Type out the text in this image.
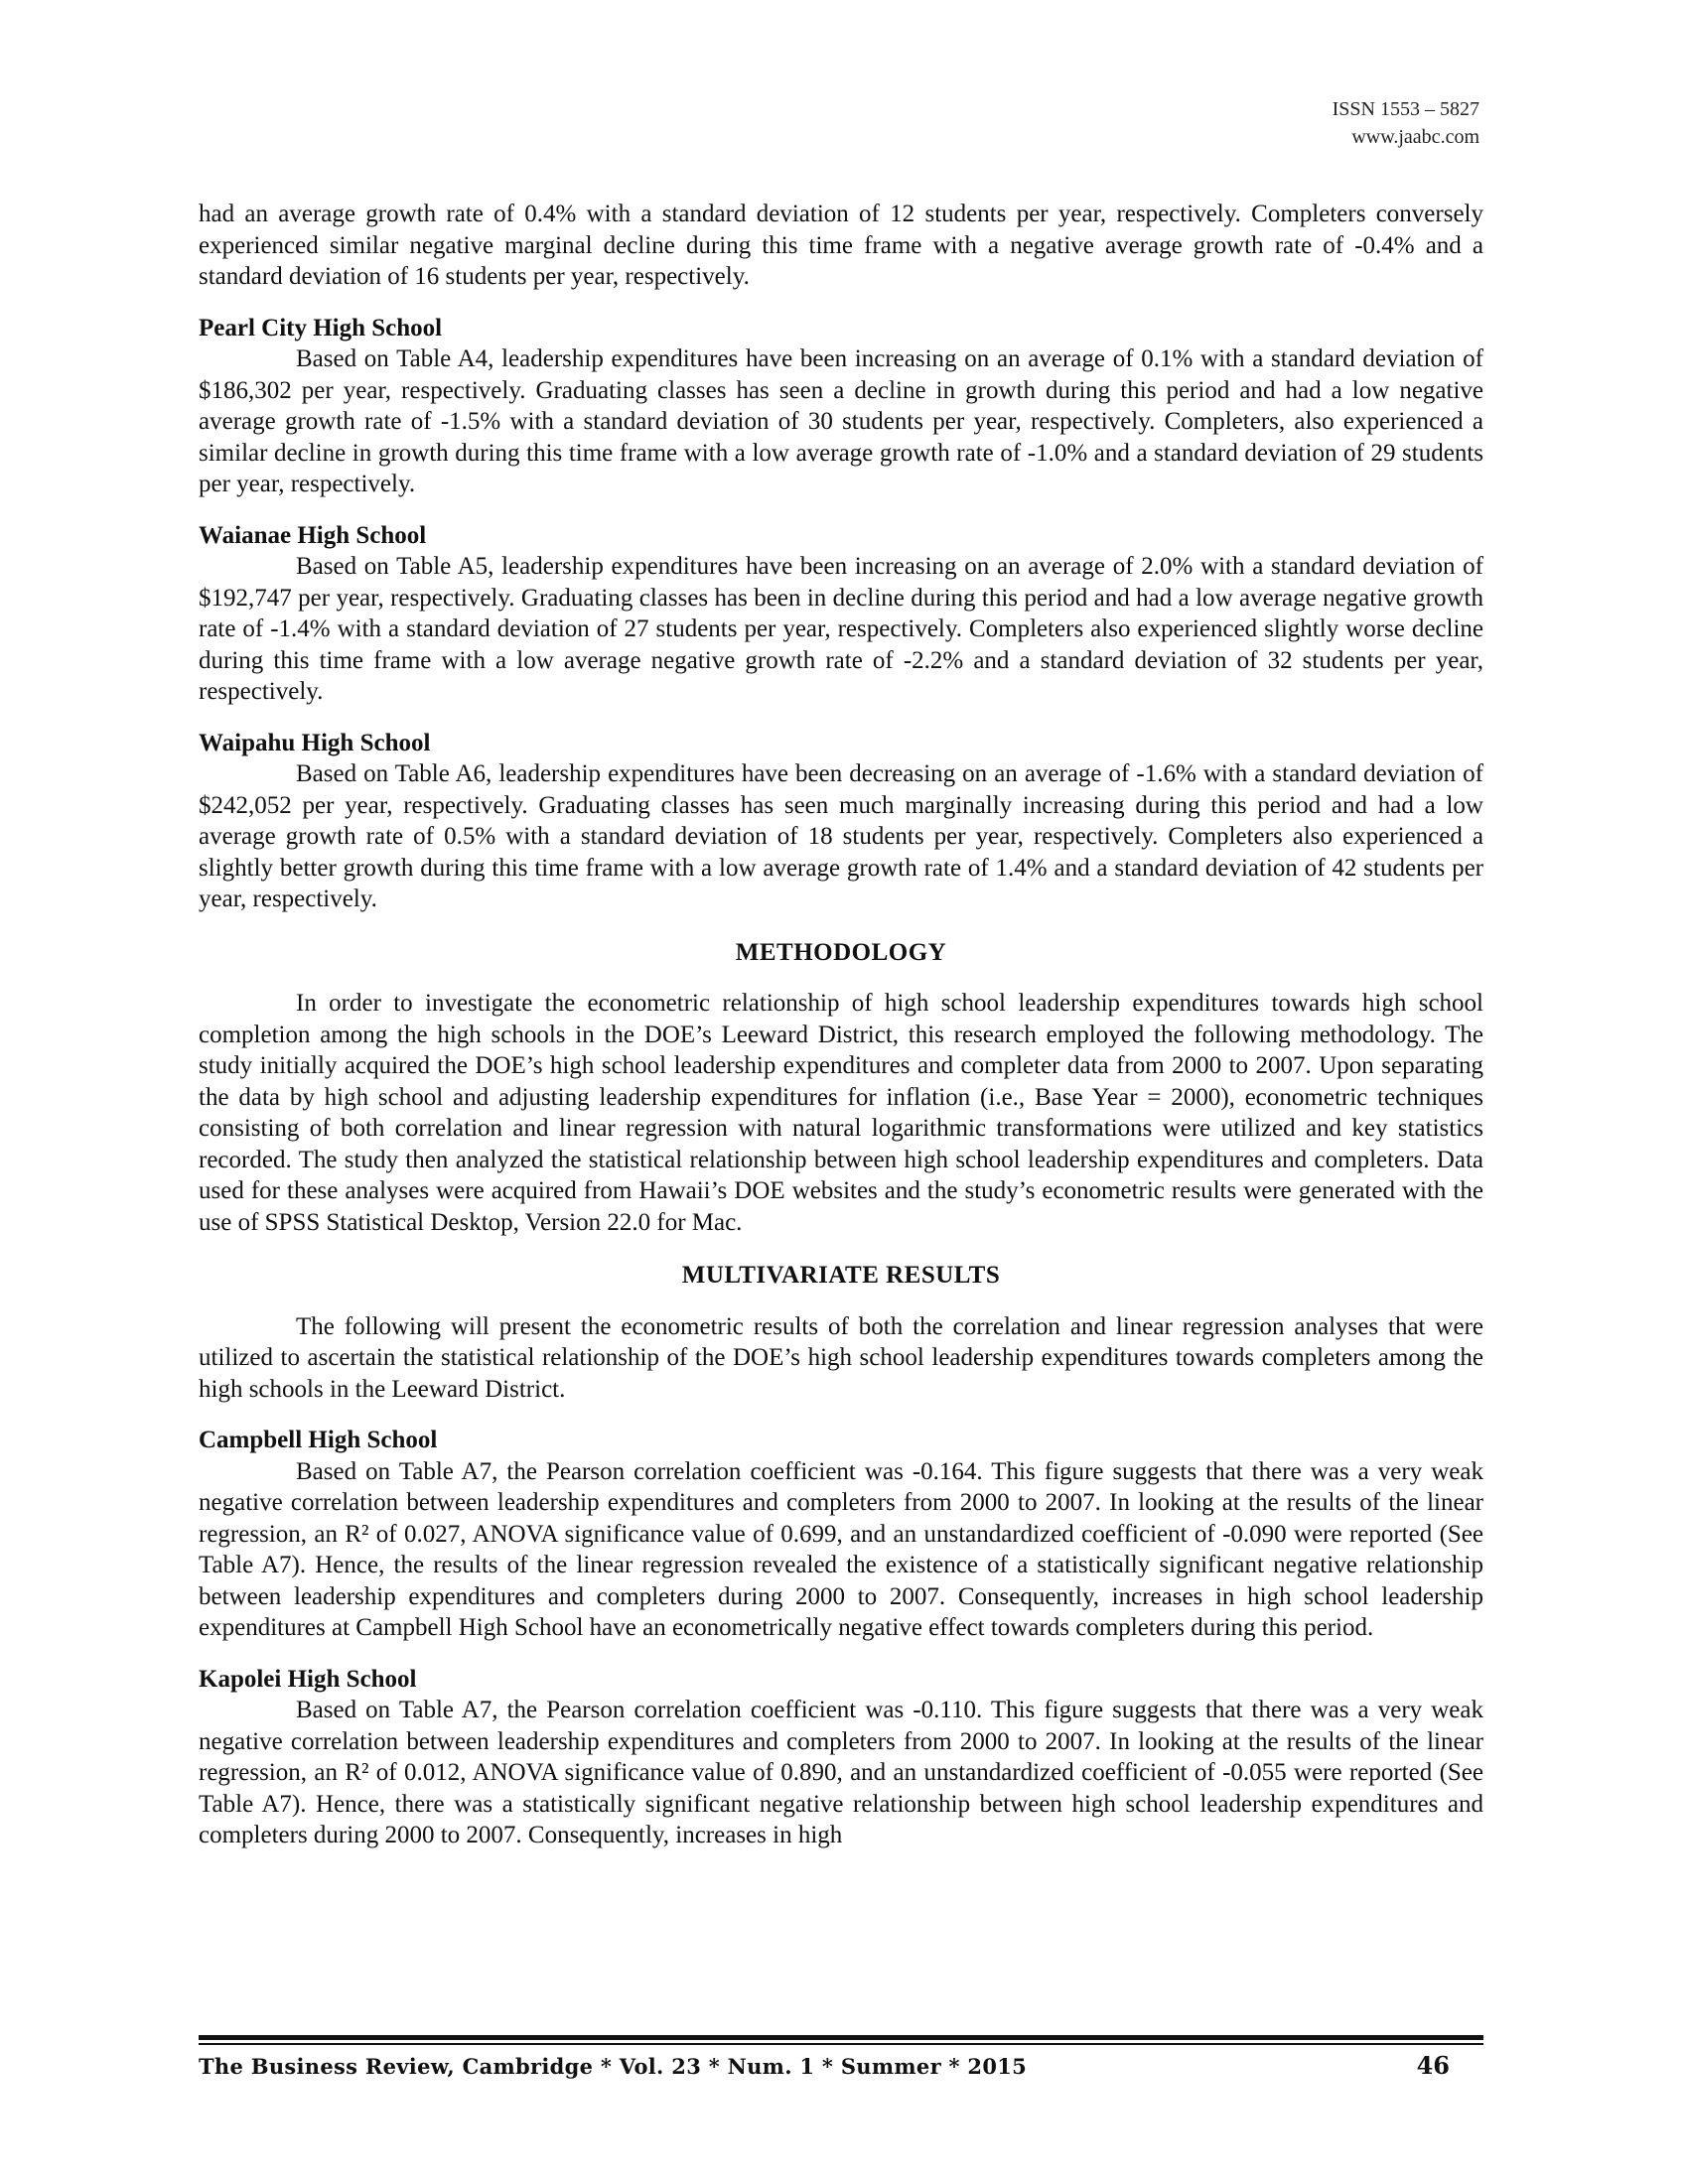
ISSN 1553 – 5827
www.jaabc.com

had an average growth rate of 0.4% with a standard deviation of 12 students per year, respectively. Completers conversely experienced similar negative marginal decline during this time frame with a negative average growth rate of -0.4% and a standard deviation of 16 students per year, respectively.

Pearl City High School

Based on Table A4, leadership expenditures have been increasing on an average of 0.1% with a standard deviation of $186,302 per year, respectively. Graduating classes has seen a decline in growth during this period and had a low negative average growth rate of -1.5% with a standard deviation of 30 students per year, respectively. Completers, also experienced a similar decline in growth during this time frame with a low average growth rate of -1.0% and a standard deviation of 29 students per year, respectively.

Waianae High School

Based on Table A5, leadership expenditures have been increasing on an average of 2.0% with a standard deviation of $192,747 per year, respectively. Graduating classes has been in decline during this period and had a low average negative growth rate of -1.4% with a standard deviation of 27 students per year, respectively. Completers also experienced slightly worse decline during this time frame with a low average negative growth rate of -2.2% and a standard deviation of 32 students per year, respectively.

Waipahu High School

Based on Table A6, leadership expenditures have been decreasing on an average of -1.6% with a standard deviation of $242,052 per year, respectively. Graduating classes has seen much marginally increasing during this period and had a low average growth rate of 0.5% with a standard deviation of 18 students per year, respectively. Completers also experienced a slightly better growth during this time frame with a low average growth rate of 1.4% and a standard deviation of 42 students per year, respectively.

METHODOLOGY

In order to investigate the econometric relationship of high school leadership expenditures towards high school completion among the high schools in the DOE’s Leeward District, this research employed the following methodology. The study initially acquired the DOE’s high school leadership expenditures and completer data from 2000 to 2007. Upon separating the data by high school and adjusting leadership expenditures for inflation (i.e., Base Year = 2000), econometric techniques consisting of both correlation and linear regression with natural logarithmic transformations were utilized and key statistics recorded. The study then analyzed the statistical relationship between high school leadership expenditures and completers. Data used for these analyses were acquired from Hawaii’s DOE websites and the study’s econometric results were generated with the use of SPSS Statistical Desktop, Version 22.0 for Mac.

MULTIVARIATE RESULTS

The following will present the econometric results of both the correlation and linear regression analyses that were utilized to ascertain the statistical relationship of the DOE’s high school leadership expenditures towards completers among the high schools in the Leeward District.

Campbell High School

Based on Table A7, the Pearson correlation coefficient was -0.164. This figure suggests that there was a very weak negative correlation between leadership expenditures and completers from 2000 to 2007. In looking at the results of the linear regression, an R² of 0.027, ANOVA significance value of 0.699, and an unstandardized coefficient of -0.090 were reported (See Table A7). Hence, the results of the linear regression revealed the existence of a statistically significant negative relationship between leadership expenditures and completers during 2000 to 2007. Consequently, increases in high school leadership expenditures at Campbell High School have an econometrically negative effect towards completers during this period.

Kapolei High School

Based on Table A7, the Pearson correlation coefficient was -0.110. This figure suggests that there was a very weak negative correlation between leadership expenditures and completers from 2000 to 2007. In looking at the results of the linear regression, an R² of 0.012, ANOVA significance value of 0.890, and an unstandardized coefficient of -0.055 were reported (See Table A7). Hence, there was a statistically significant negative relationship between high school leadership expenditures and completers during 2000 to 2007. Consequently, increases in high

The Business Review, Cambridge * Vol. 23 * Num. 1 * Summer * 2015	46
